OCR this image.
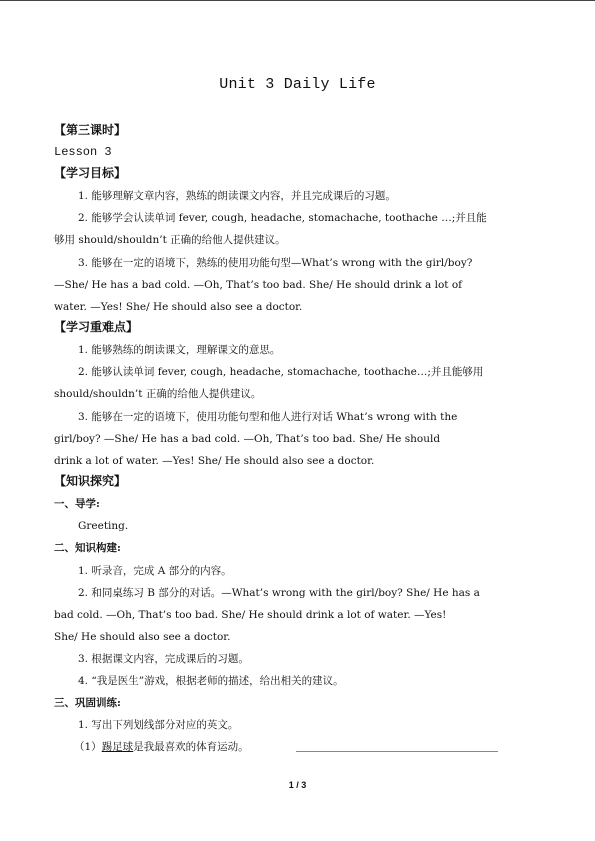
Unit 3 Daily Life
【第三课时】
Lesson 3
【学习目标】
1. 能够理解文章内容，熟练的朗读课文内容，并且完成课后的习题。
2. 能够学会认读单词 fever, cough, headache, stomachache, toothache …;并且能
够用 should/shouldn’t 正确的给他人提供建议。
3. 能够在一定的语境下，熟练的使用功能句型—What’s wrong with the girl/boy?
—She/ He has a bad cold. —Oh, That’s too bad. She/ He should drink a lot of
water. —Yes! She/ He should also see a doctor.
【学习重难点】
1. 能够熟练的朗读课文，理解课文的意思。
2. 能够认读单词 fever, cough, headache, stomachache, toothache…;并且能够用
should/shouldn’t 正确的给他人提供建议。
3. 能够在一定的语境下，使用功能句型和他人进行对话 What’s wrong with the
girl/boy? —She/ He has a bad cold. —Oh, That’s too bad. She/ He should
drink a lot of water. —Yes! She/ He should also see a doctor.
【知识探究】
一、导学:
Greeting.
二、知识构建:
1. 听录音，完成 A 部分的内容。
2. 和同桌练习 B 部分的对话。—What’s wrong with the girl/boy? She/ He has a
bad cold. —Oh, That’s too bad. She/ He should drink a lot of water. —Yes!
She/ He should also see a doctor.
3. 根据课文内容，完成课后的习题。
4. “我是医生”游戏，根据老师的描述，给出相关的建议。
三、巩固训练:
1. 写出下列划线部分对应的英文。
（1）踢足球是我最喜欢的体育运动。
1 / 3
